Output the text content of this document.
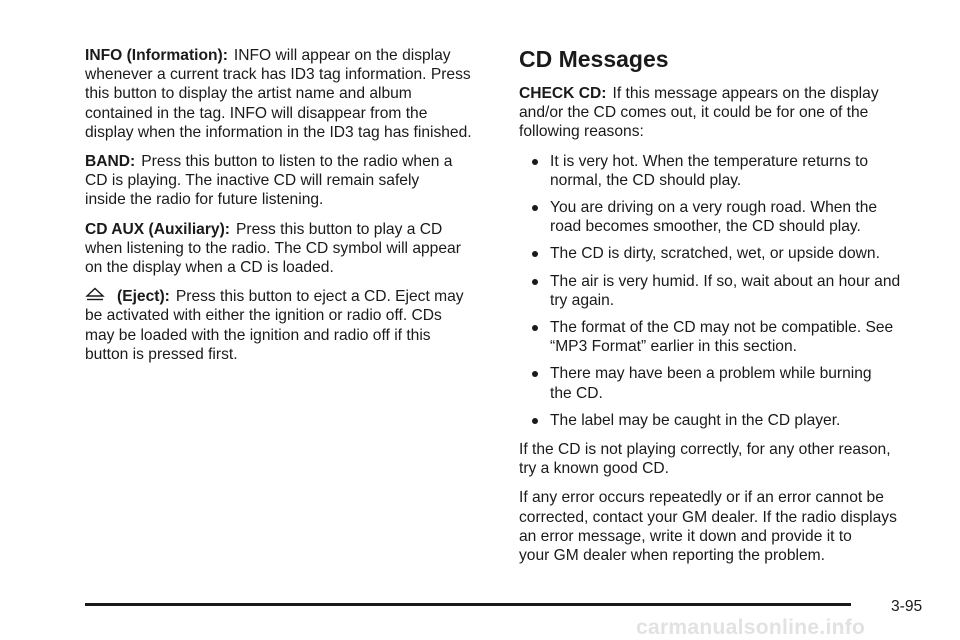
INFO (Information): INFO will appear on the display
whenever a current track has ID3 tag information. Press
this button to display the artist name and album
contained in the tag. INFO will disappear from the
display when the information in the ID3 tag has finished.

BAND: Press this button to listen to the radio when a
CD is playing. The inactive CD will remain safely
inside the radio for future listening.

CD AUX (Auxiliary): Press this button to play a CD
when listening to the radio. The CD symbol will appear
on the display when a CD is loaded.

(Eject): Press this button to eject a CD. Eject may
be activated with either the ignition or radio off. CDs
may be loaded with the ignition and radio off if this
button is pressed first.

CD Messages

CHECK CD: If this message appears on the display
and/or the CD comes out, it could be for one of the
following reasons:

It is very hot. When the temperature returns to
normal, the CD should play.
You are driving on a very rough road. When the
road becomes smoother, the CD should play.
The CD is dirty, scratched, wet, or upside down.
The air is very humid. If so, wait about an hour and
try again.
The format of the CD may not be compatible. See
“MP3 Format” earlier in this section.
There may have been a problem while burning
the CD.
The label may be caught in the CD player.

If the CD is not playing correctly, for any other reason,
try a known good CD.

If any error occurs repeatedly or if an error cannot be
corrected, contact your GM dealer. If the radio displays
an error message, write it down and provide it to
your GM dealer when reporting the problem.

3-95
carmanualsonline.info
